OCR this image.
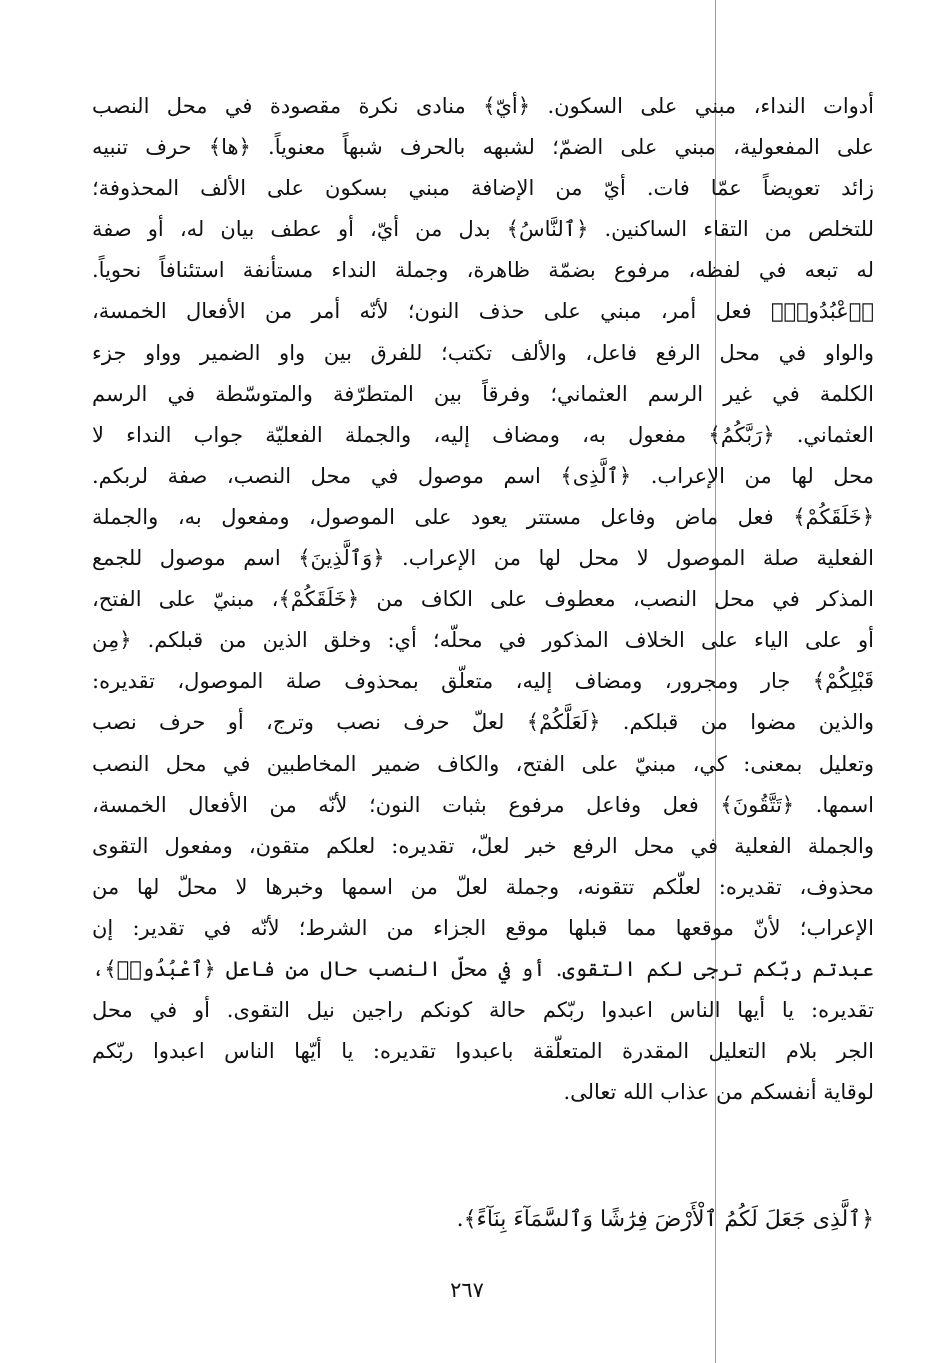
أدوات النداء، مبني على السكون. ﴿أيّ﴾ منادى نكرة مقصودة في محل النصب
على المفعولية، مبني على الضمّ؛ لشبهه بالحرف شبهاً معنوياً. ﴿ها﴾ حرف تنبيه
زائد تعويضاً عمّا فات. أيّ من الإضافة مبني بسكون على الألف المحذوفة؛
للتخلص من التقاء الساكنين. ﴿ٱلنَّاسُ﴾ بدل من أيّ، أو عطف بيان له، أو صفة
له تبعه في لفظه، مرفوع بضمّة ظاهرة، وجملة النداء مستأنفة استئنافاً نحوياً.
﴿ٱعْبُدُوا۟﴾ فعل أمر، مبني على حذف النون؛ لأنّه أمر من الأفعال الخمسة،
والواو في محل الرفع فاعل، والألف تكتب؛ للفرق بين واو الضمير وواو جزء
الكلمة في غير الرسم العثماني؛ وفرقاً بين المتطرّفة والمتوسّطة في الرسم
العثماني. ﴿رَبَّكُمُ﴾ مفعول به، ومضاف إليه، والجملة الفعليّة جواب النداء لا
محل لها من الإعراب. ﴿ٱلَّذِى﴾ اسم موصول في محل النصب، صفة لربكم.
﴿خَلَقَكُمْ﴾ فعل ماض وفاعل مستتر يعود على الموصول، ومفعول به، والجملة
الفعلية صلة الموصول لا محل لها من الإعراب. ﴿وَٱلَّذِينَ﴾ اسم موصول للجمع
المذكر في محل النصب، معطوف على الكاف من ﴿خَلَقَكُمْ﴾، مبنيّ على الفتح،
أو على الياء على الخلاف المذكور في محلّه؛ أي: وخلق الذين من قبلكم. ﴿مِن
قَبْلِكُمْ﴾ جار ومجرور، ومضاف إليه، متعلّق بمحذوف صلة الموصول، تقديره:
والذين مضوا من قبلكم. ﴿لَعَلَّكُمْ﴾ لعلّ حرف نصب وترج، أو حرف نصب
وتعليل بمعنى: كي، مبنيّ على الفتح، والكاف ضمير المخاطبين في محل النصب
اسمها. ﴿تَتَّقُونَ﴾ فعل وفاعل مرفوع بثبات النون؛ لأنّه من الأفعال الخمسة،
والجملة الفعلية في محل الرفع خبر لعلّ، تقديره: لعلكم متقون، ومفعول التقوى
محذوف، تقديره: لعلّكم تتقونه، وجملة لعلّ من اسمها وخبرها لا محلّ لها من
الإعراب؛ لأنّ موقعها مما قبلها موقع الجزاء من الشرط؛ لأنّه في تقدير: إن
عبدتم ربّكم ترجى لكم التقوى. أو في محلّ النصب حال من فاعل ﴿ٱعْبُدُوا۟﴾،
تقديره: يا أيها الناس اعبدوا ربّكم حالة كونكم راجين نيل التقوى. أو في محل
الجر بلام التعليل المقدرة المتعلّقة باعبدوا تقديره: يا أيّها الناس اعبدوا ربّكم
لوقاية أنفسكم من عذاب الله تعالى.
﴿ٱلَّذِى جَعَلَ لَكُمُ ٱلْأَرْضَ فِرَٰشًا وَٱلسَّمَآءَ بِنَآءً﴾.
٢٦٧
